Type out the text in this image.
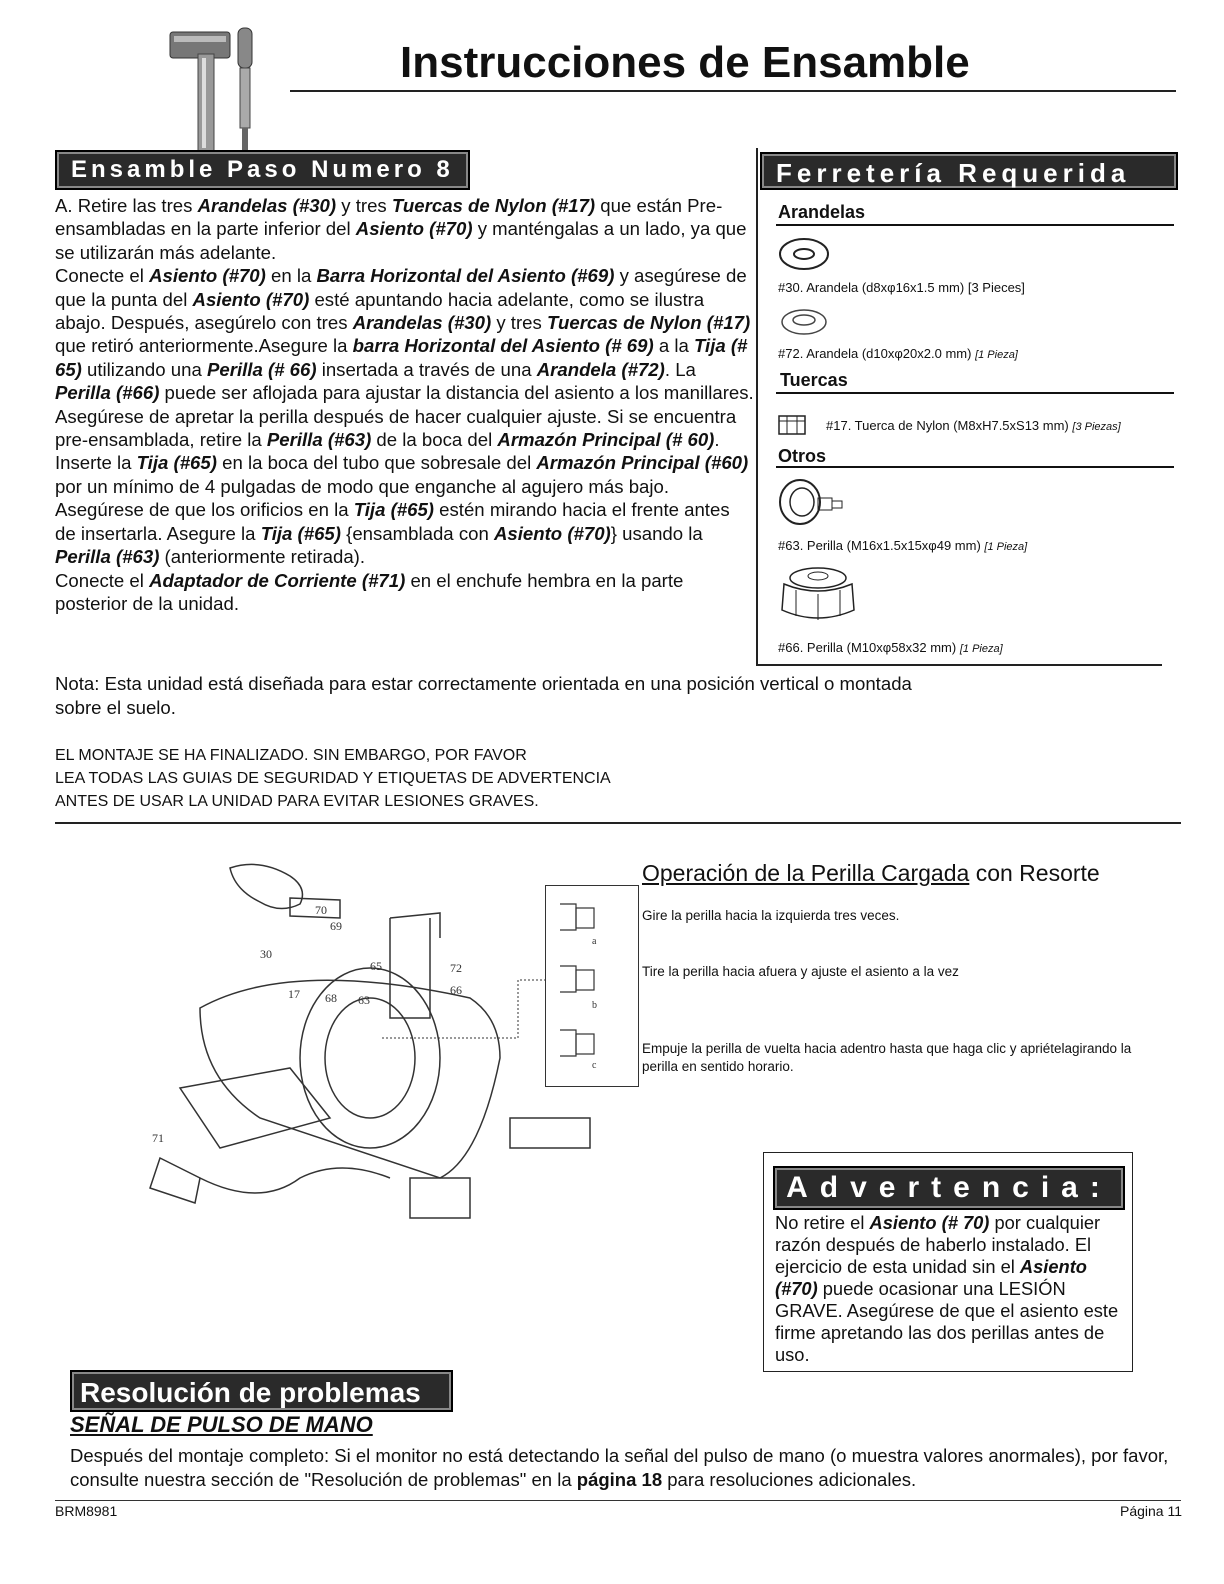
Instrucciones de Ensamble
Ensamble Paso Numero 8

A. Retire las tres Arandelas (#30) y tres Tuercas de Nylon (#17) que están Pre-ensambladas en la parte inferior del Asiento (#70) y manténgalas a un lado, ya que se utilizarán más adelante.

Conecte el Asiento (#70) en la Barra Horizontal del Asiento (#69) y asegúrese de que la punta del Asiento (#70) esté apuntando hacia adelante, como se ilustra abajo. Después, asegúrelo con tres Arandelas (#30) y tres Tuercas de Nylon (#17) que retiró anteriormente.Asegure la barra Horizontal del Asiento (# 69) a la Tija (# 65) utilizando una Perilla (# 66) insertada a través de una Arandela (#72). La Perilla (#66) puede ser aflojada para ajustar la distancia del asiento a los manillares. Asegúrese de apretar la perilla después de hacer cualquier ajuste. Si se encuentra pre-ensamblada, retire la Perilla (#63) de la boca del Armazón Principal (# 60). Inserte la Tija (#65) en la boca del tubo que sobresale del Armazón Principal (#60) por un mínimo de 4 pulgadas de modo que enganche al agujero más bajo. Asegúrese de que los orificios en la Tija (#65) estén mirando hacia el frente antes de insertarla. Asegure la Tija (#65) {ensamblada con Asiento (#70)} usando la Perilla (#63) (anteriormente retirada).

Conecte el Adaptador de Corriente (#71) en el enchufe hembra en la parte posterior de la unidad.

Nota: Esta unidad está diseñada para estar correctamente orientada en una posición vertical o montada sobre el suelo.
EL MONTAJE SE HA FINALIZADO. SIN EMBARGO, POR FAVOR
LEA TODAS LAS GUIAS DE SEGURIDAD Y ETIQUETAS DE ADVERTENCIA
ANTES DE USAR LA UNIDAD PARA EVITAR LESIONES GRAVES.
Ferretería Requerida
Arandelas
#30. Arandela (d8xφ16x1.5 mm) [3 Pieces]
#72. Arandela (d10xφ20x2.0 mm) [1 Pieza]
Tuercas
#17. Tuerca de Nylon (M8xH7.5xS13 mm) [3 Piezas]
Otros
#63. Perilla (M16x1.5x15xφ49 mm) [1 Pieza]
#66. Perilla (M10xφ58x32 mm) [1 Pieza]
70
69
30
65	72
17 68 63
66
71
Operación de la Perilla Cargada con Resorte
a
b
c
Gire la perilla hacia la izquierda tres veces.
Tire la perilla hacia afuera y ajuste el asiento a la vez
Empuje la perilla de vuelta hacia adentro hasta que haga clic y apriételagirando la perilla en sentido horario.
Advertencia:
No retire el Asiento (# 70) por cualquier razón después de haberlo instalado. El ejercicio de esta unidad sin el Asiento (#70) puede ocasionar una LESIÓN GRAVE. Asegúrese de que el asiento este firme apretando las dos perillas antes de uso.
Resolución de problemas
SEÑAL DE PULSO DE MANO
Después del montaje completo: Si el monitor no está detectando la señal del pulso de mano (o muestra valores anormales), por favor, consulte nuestra sección de "Resolución de problemas" en la página 18 para resoluciones adicionales.
BRM8981	Página 11
